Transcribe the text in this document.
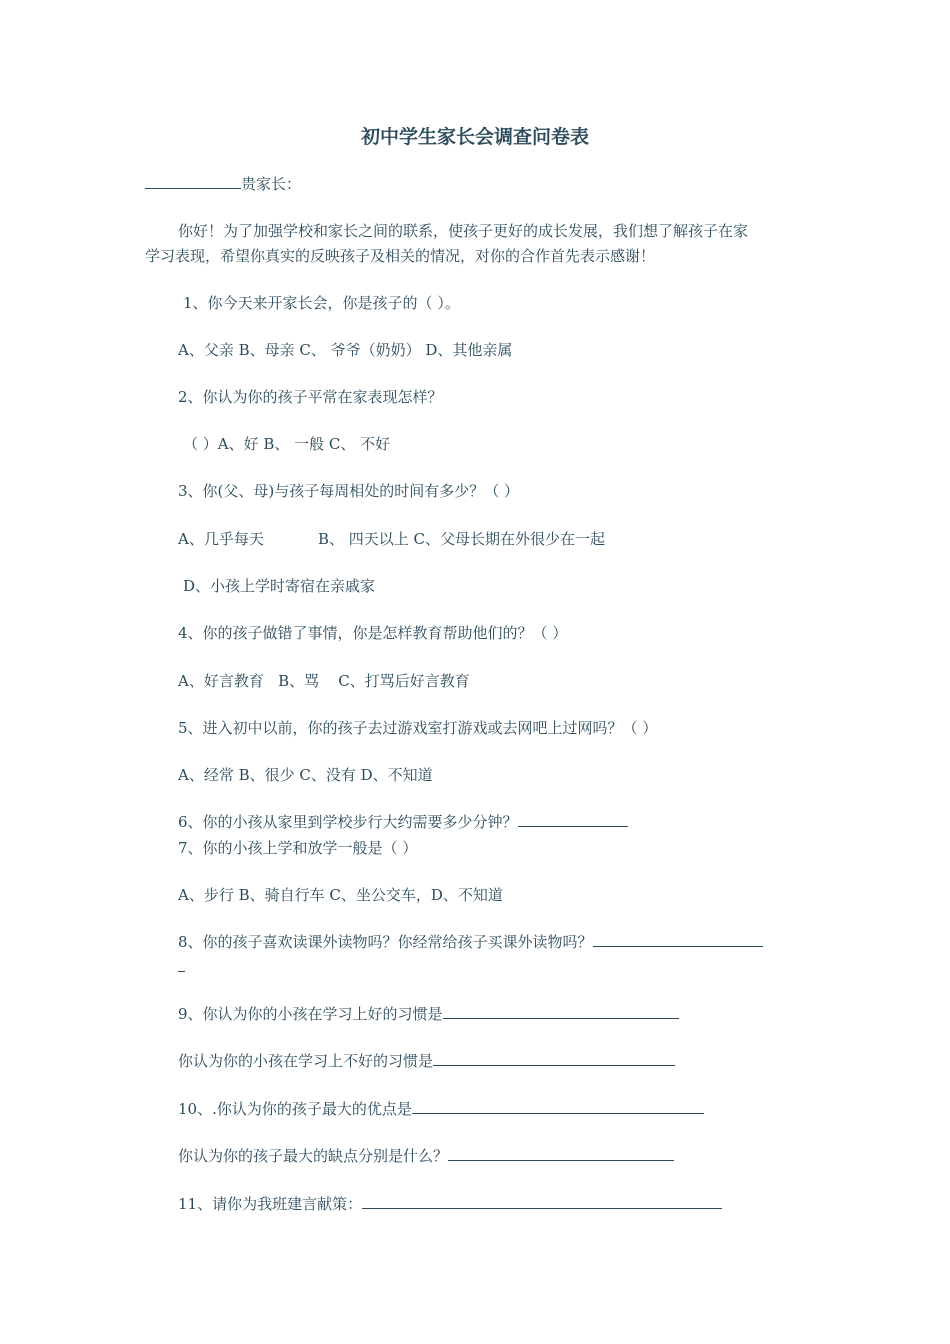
初中学生家长会调查问卷表
贵家长：
你好！为了加强学校和家长之间的联系，使孩子更好的成长发展，我们想了解孩子在家
学习表现，希望你真实的反映孩子及相关的情况，对你的合作首先表示感谢！
1、你今天来开家长会，你是孩子的（ ）。
A、父亲 B、母亲 C、 爷爷（奶奶） D、其他亲属
2、你认为你的孩子平常在家表现怎样？
（ ）A、好 B、 一般 C、 不好
3、你(父、母)与孩子每周相处的时间有多少？（ ）
A、几乎每天	B、 四天以上 C、父母长期在外很少在一起
D、小孩上学时寄宿在亲戚家
4、你的孩子做错了事情，你是怎样教育帮助他们的？（ ）
A、好言教育   B、骂    C、打骂后好言教育
5、进入初中以前，你的孩子去过游戏室打游戏或去网吧上过网吗？（ ）
A、经常 B、很少 C、没有 D、不知道
6、你的小孩从家里到学校步行大约需要多少分钟？
7、你的小孩上学和放学一般是（ ）
A、步行 B、骑自行车 C、坐公交车，D、不知道
8、你的孩子喜欢读课外读物吗？你经常给孩子买课外读物吗？
9、你认为你的小孩在学习上好的习惯是
你认为你的小孩在学习上不好的习惯是
10、.你认为你的孩子最大的优点是
你认为你的孩子最大的缺点分别是什么？
11、请你为我班建言献策：
